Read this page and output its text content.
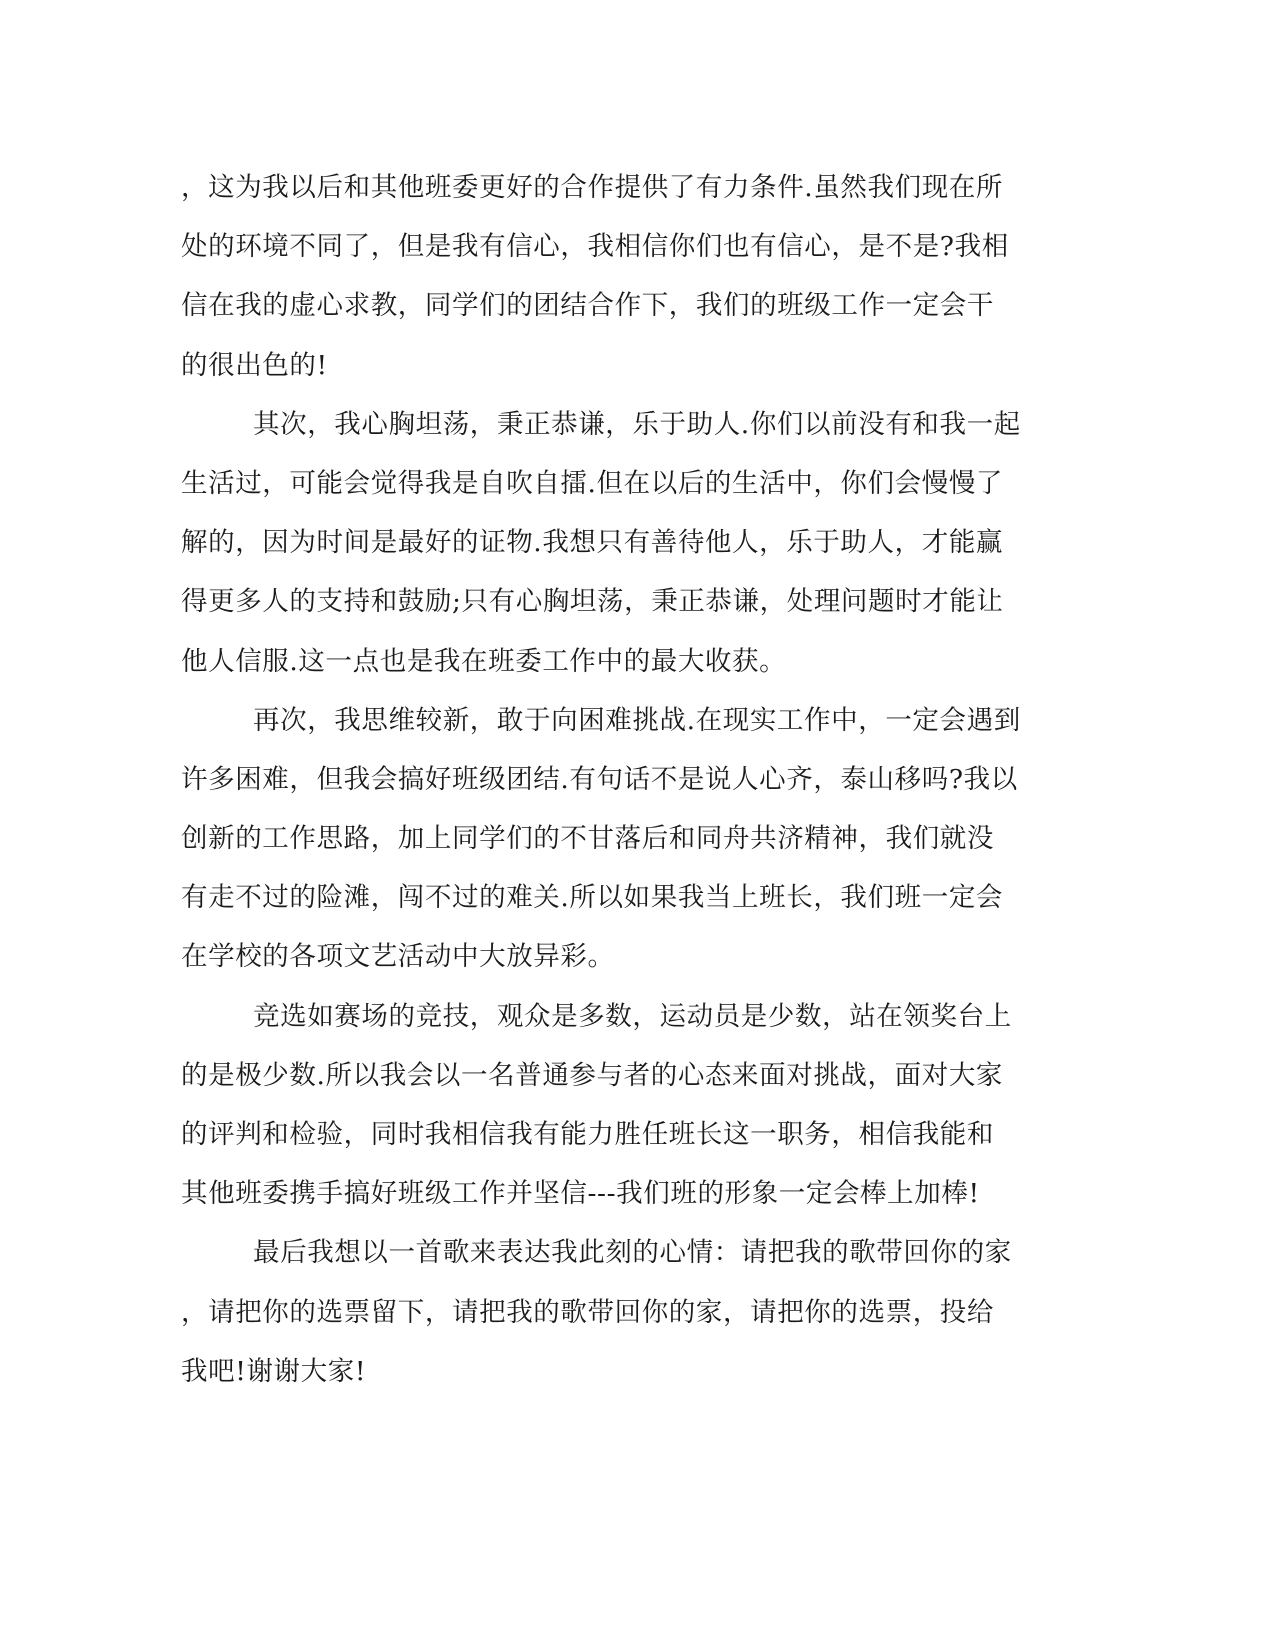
，这为我以后和其他班委更好的合作提供了有力条件.虽然我们现在所
处的环境不同了，但是我有信心，我相信你们也有信心，是不是?我相
信在我的虚心求教，同学们的团结合作下，我们的班级工作一定会干
的很出色的!
其次，我心胸坦荡，秉正恭谦，乐于助人.你们以前没有和我一起
生活过，可能会觉得我是自吹自擂.但在以后的生活中，你们会慢慢了
解的，因为时间是最好的证物.我想只有善待他人，乐于助人，才能赢
得更多人的支持和鼓励;只有心胸坦荡，秉正恭谦，处理问题时才能让
他人信服.这一点也是我在班委工作中的最大收获。
再次，我思维较新，敢于向困难挑战.在现实工作中，一定会遇到
许多困难，但我会搞好班级团结.有句话不是说人心齐，泰山移吗?我以
创新的工作思路，加上同学们的不甘落后和同舟共济精神，我们就没
有走不过的险滩，闯不过的难关.所以如果我当上班长，我们班一定会
在学校的各项文艺活动中大放异彩。
竞选如赛场的竞技，观众是多数，运动员是少数，站在领奖台上
的是极少数.所以我会以一名普通参与者的心态来面对挑战，面对大家
的评判和检验，同时我相信我有能力胜任班长这一职务，相信我能和
其他班委携手搞好班级工作并坚信---我们班的形象一定会棒上加棒!
最后我想以一首歌来表达我此刻的心情：请把我的歌带回你的家
，请把你的选票留下，请把我的歌带回你的家，请把你的选票，投给
我吧!谢谢大家!
